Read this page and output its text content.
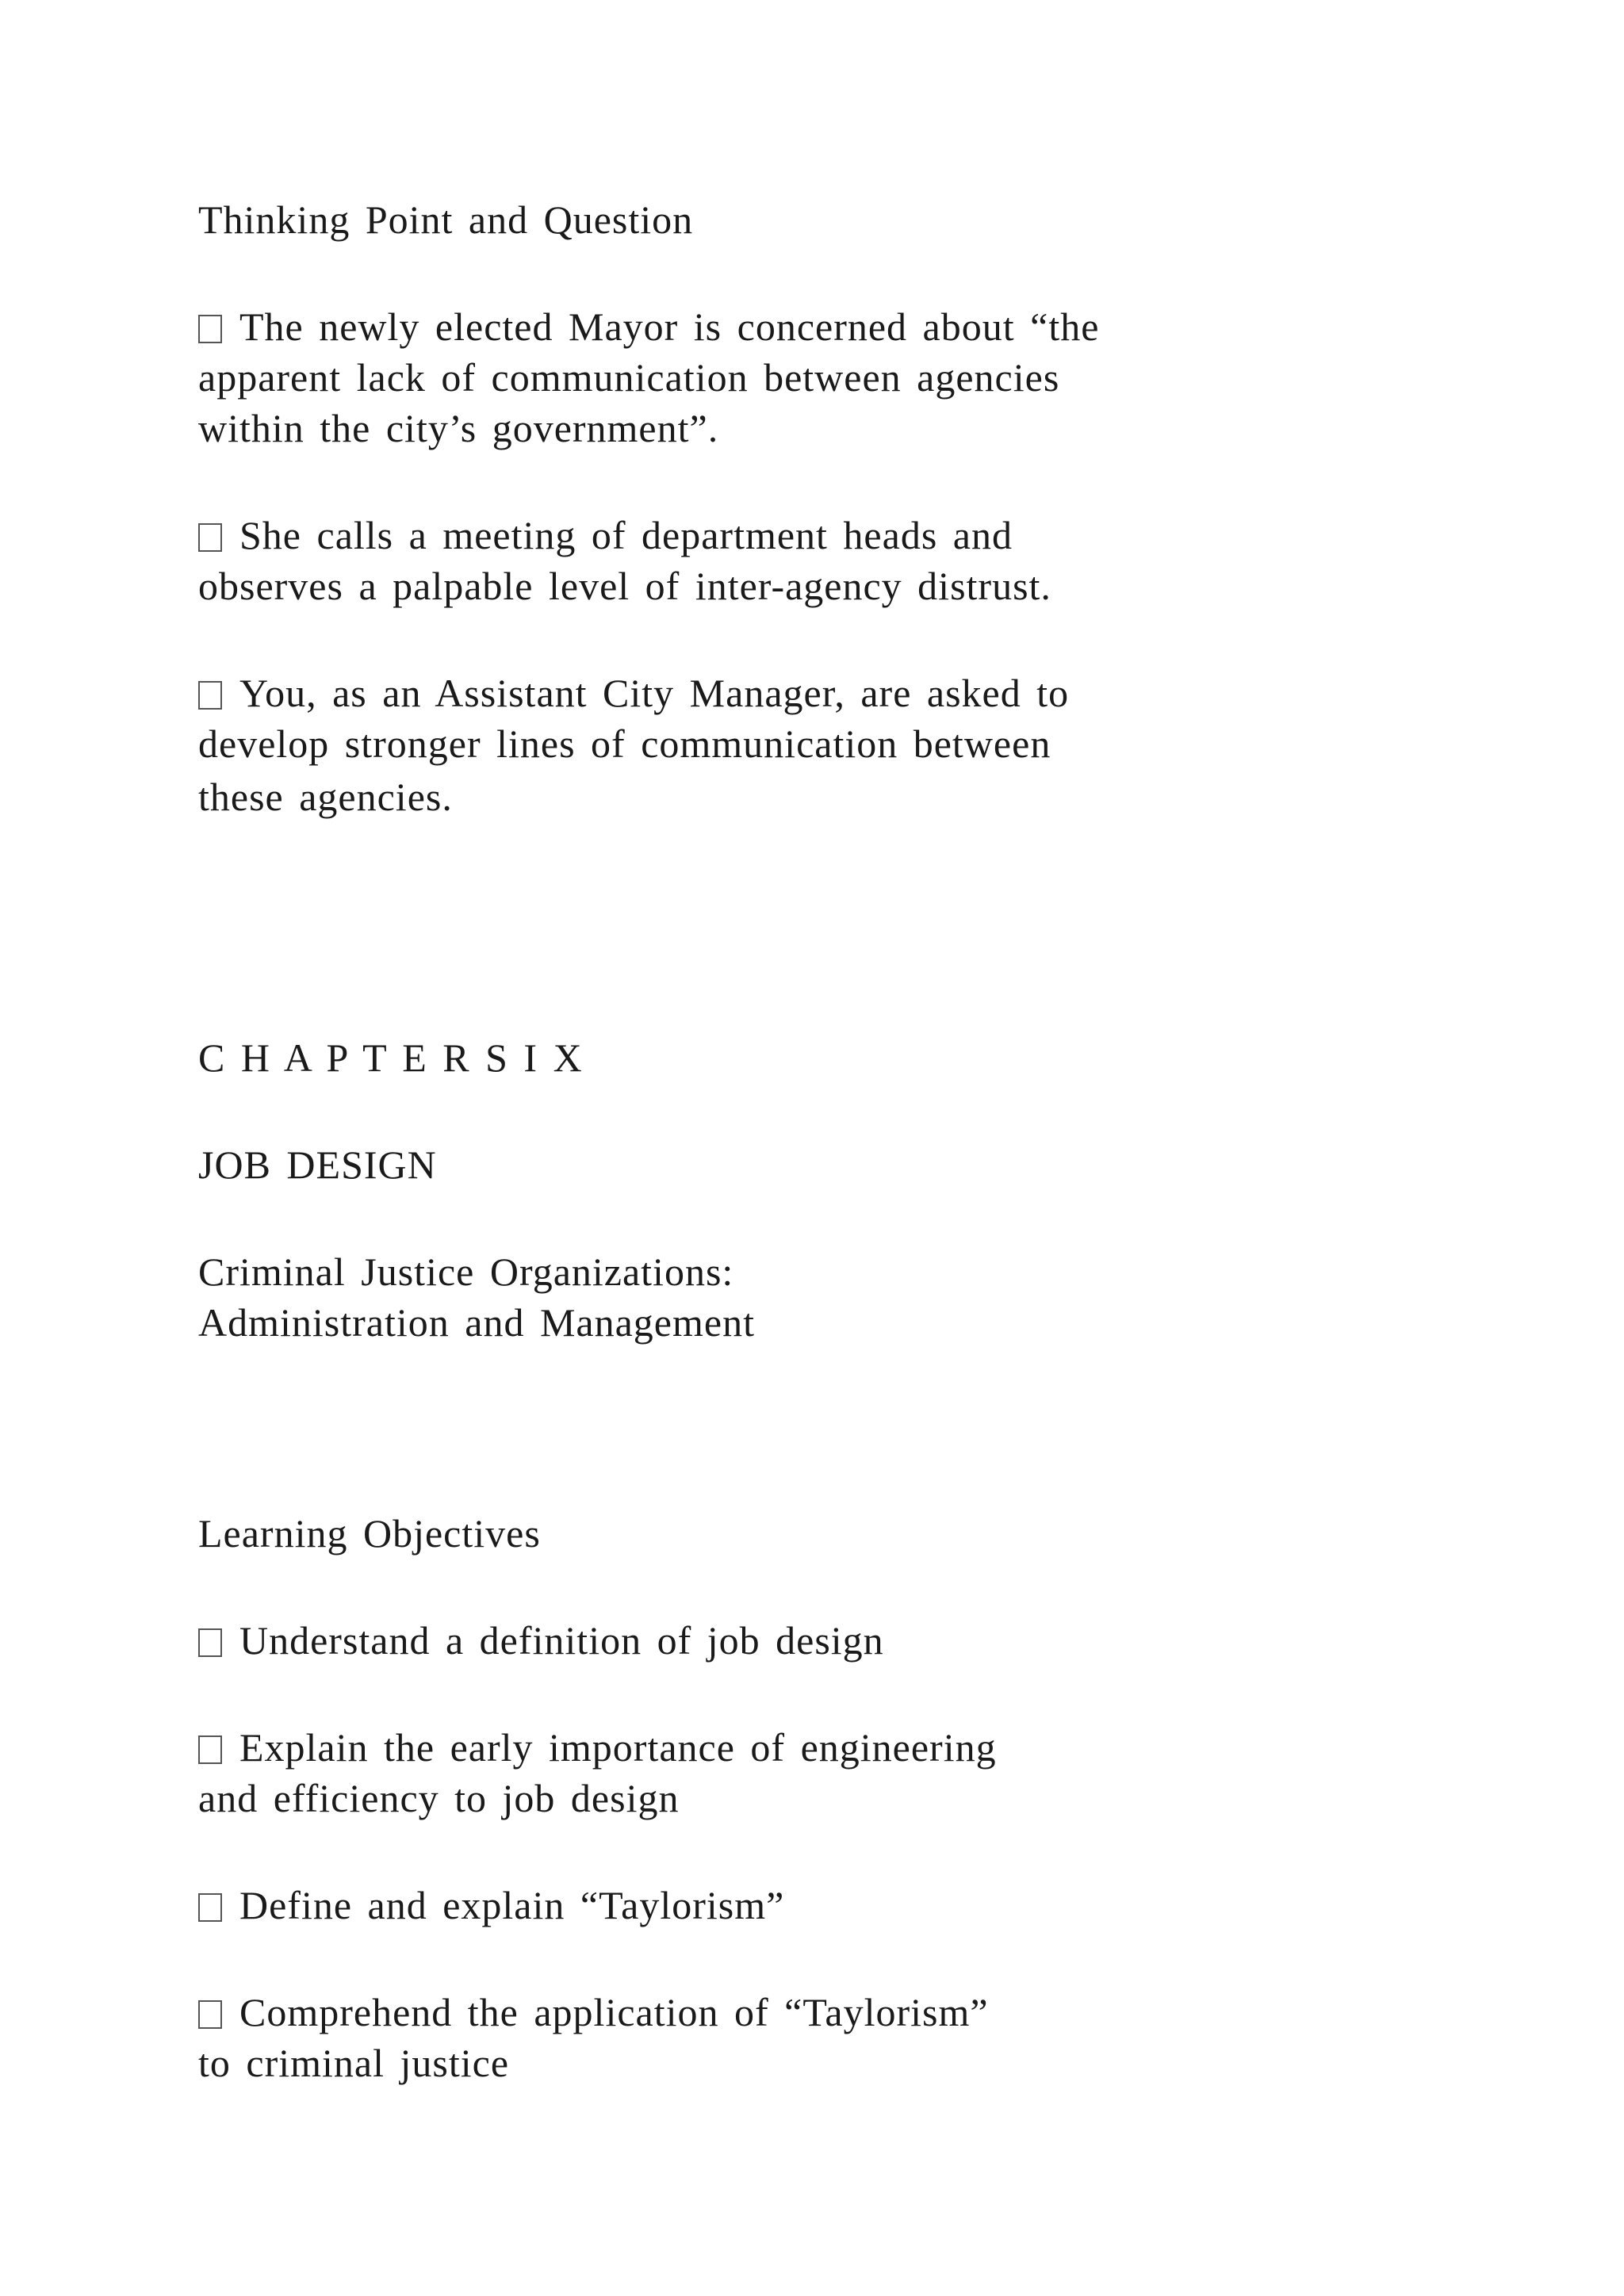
Thinking Point and Question
The newly elected Mayor is concerned about “the
apparent lack of communication between agencies
within the city’s government”.
She calls a meeting of department heads and
observes a palpable level of inter-agency distrust.
You, as an Assistant City Manager, are asked to
develop stronger lines of communication between
these agencies.
C H A P T E R S I X
JOB DESIGN
Criminal Justice Organizations:
Administration and Management
Learning Objectives
Understand a definition of job design
Explain the early importance of engineering
and efficiency to job design
Define and explain “Taylorism”
Comprehend the application of “Taylorism”
to criminal justice
